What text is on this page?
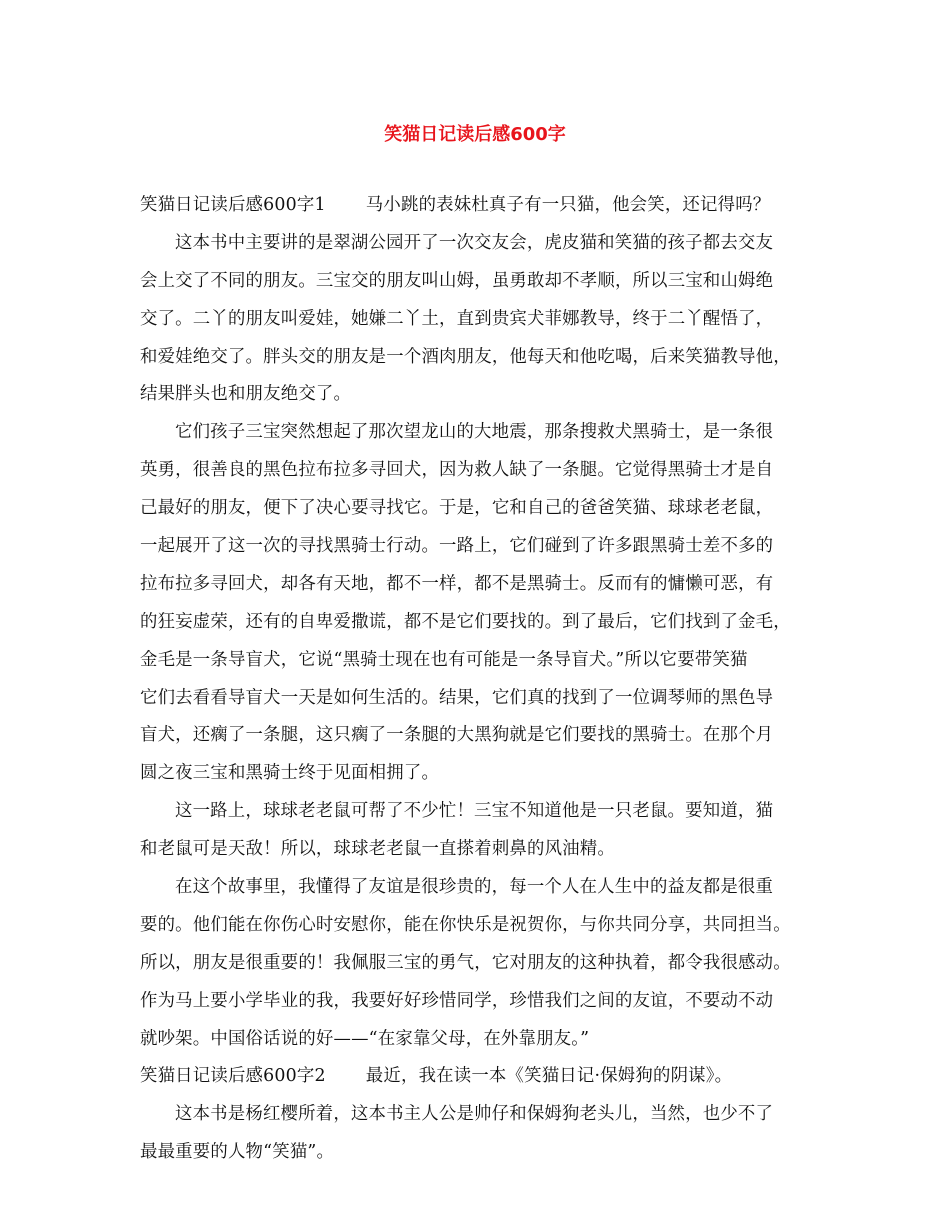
笑猫日记读后感600字
笑猫日记读后感600字1 马小跳的表妹杜真子有一只猫，他会笑，还记得吗？
这本书中主要讲的是翠湖公园开了一次交友会，虎皮猫和笑猫的孩子都去交友
会上交了不同的朋友。三宝交的朋友叫山姆，虽勇敢却不孝顺，所以三宝和山姆绝
交了。二丫的朋友叫爱娃，她嫌二丫土，直到贵宾犬菲娜教导，终于二丫醒悟了，
和爱娃绝交了。胖头交的朋友是一个酒肉朋友，他每天和他吃喝，后来笑猫教导他，
结果胖头也和朋友绝交了。
它们孩子三宝突然想起了那次望龙山的大地震，那条搜救犬黑骑士，是一条很
英勇，很善良的黑色拉布拉多寻回犬，因为救人缺了一条腿。它觉得黑骑士才是自
己最好的朋友，便下了决心要寻找它。于是，它和自己的爸爸笑猫、球球老老鼠，
一起展开了这一次的寻找黑骑士行动。一路上，它们碰到了许多跟黑骑士差不多的
拉布拉多寻回犬，却各有天地，都不一样，都不是黑骑士。反而有的慵懒可恶，有
的狂妄虚荣，还有的自卑爱撒谎，都不是它们要找的。到了最后，它们找到了金毛，
金毛是一条导盲犬，它说“黑骑士现在也有可能是一条导盲犬。”所以它要带笑猫
它们去看看导盲犬一天是如何生活的。结果，它们真的找到了一位调琴师的黑色导
盲犬，还瘸了一条腿，这只瘸了一条腿的大黑狗就是它们要找的黑骑士。在那个月
圆之夜三宝和黑骑士终于见面相拥了。
这一路上，球球老老鼠可帮了不少忙！三宝不知道他是一只老鼠。要知道，猫
和老鼠可是天敌！所以，球球老老鼠一直搽着刺鼻的风油精。
在这个故事里，我懂得了友谊是很珍贵的，每一个人在人生中的益友都是很重
要的。他们能在你伤心时安慰你，能在你快乐是祝贺你，与你共同分享，共同担当。
所以，朋友是很重要的！我佩服三宝的勇气，它对朋友的这种执着，都令我很感动。
作为马上要小学毕业的我，我要好好珍惜同学，珍惜我们之间的友谊，不要动不动
就吵架。中国俗话说的好——“在家靠父母，在外靠朋友。”
笑猫日记读后感600字2 最近，我在读一本《笑猫日记·保姆狗的阴谋》。
这本书是杨红樱所着，这本书主人公是帅仔和保姆狗老头儿，当然，也少不了
最最重要的人物“笑猫”。
